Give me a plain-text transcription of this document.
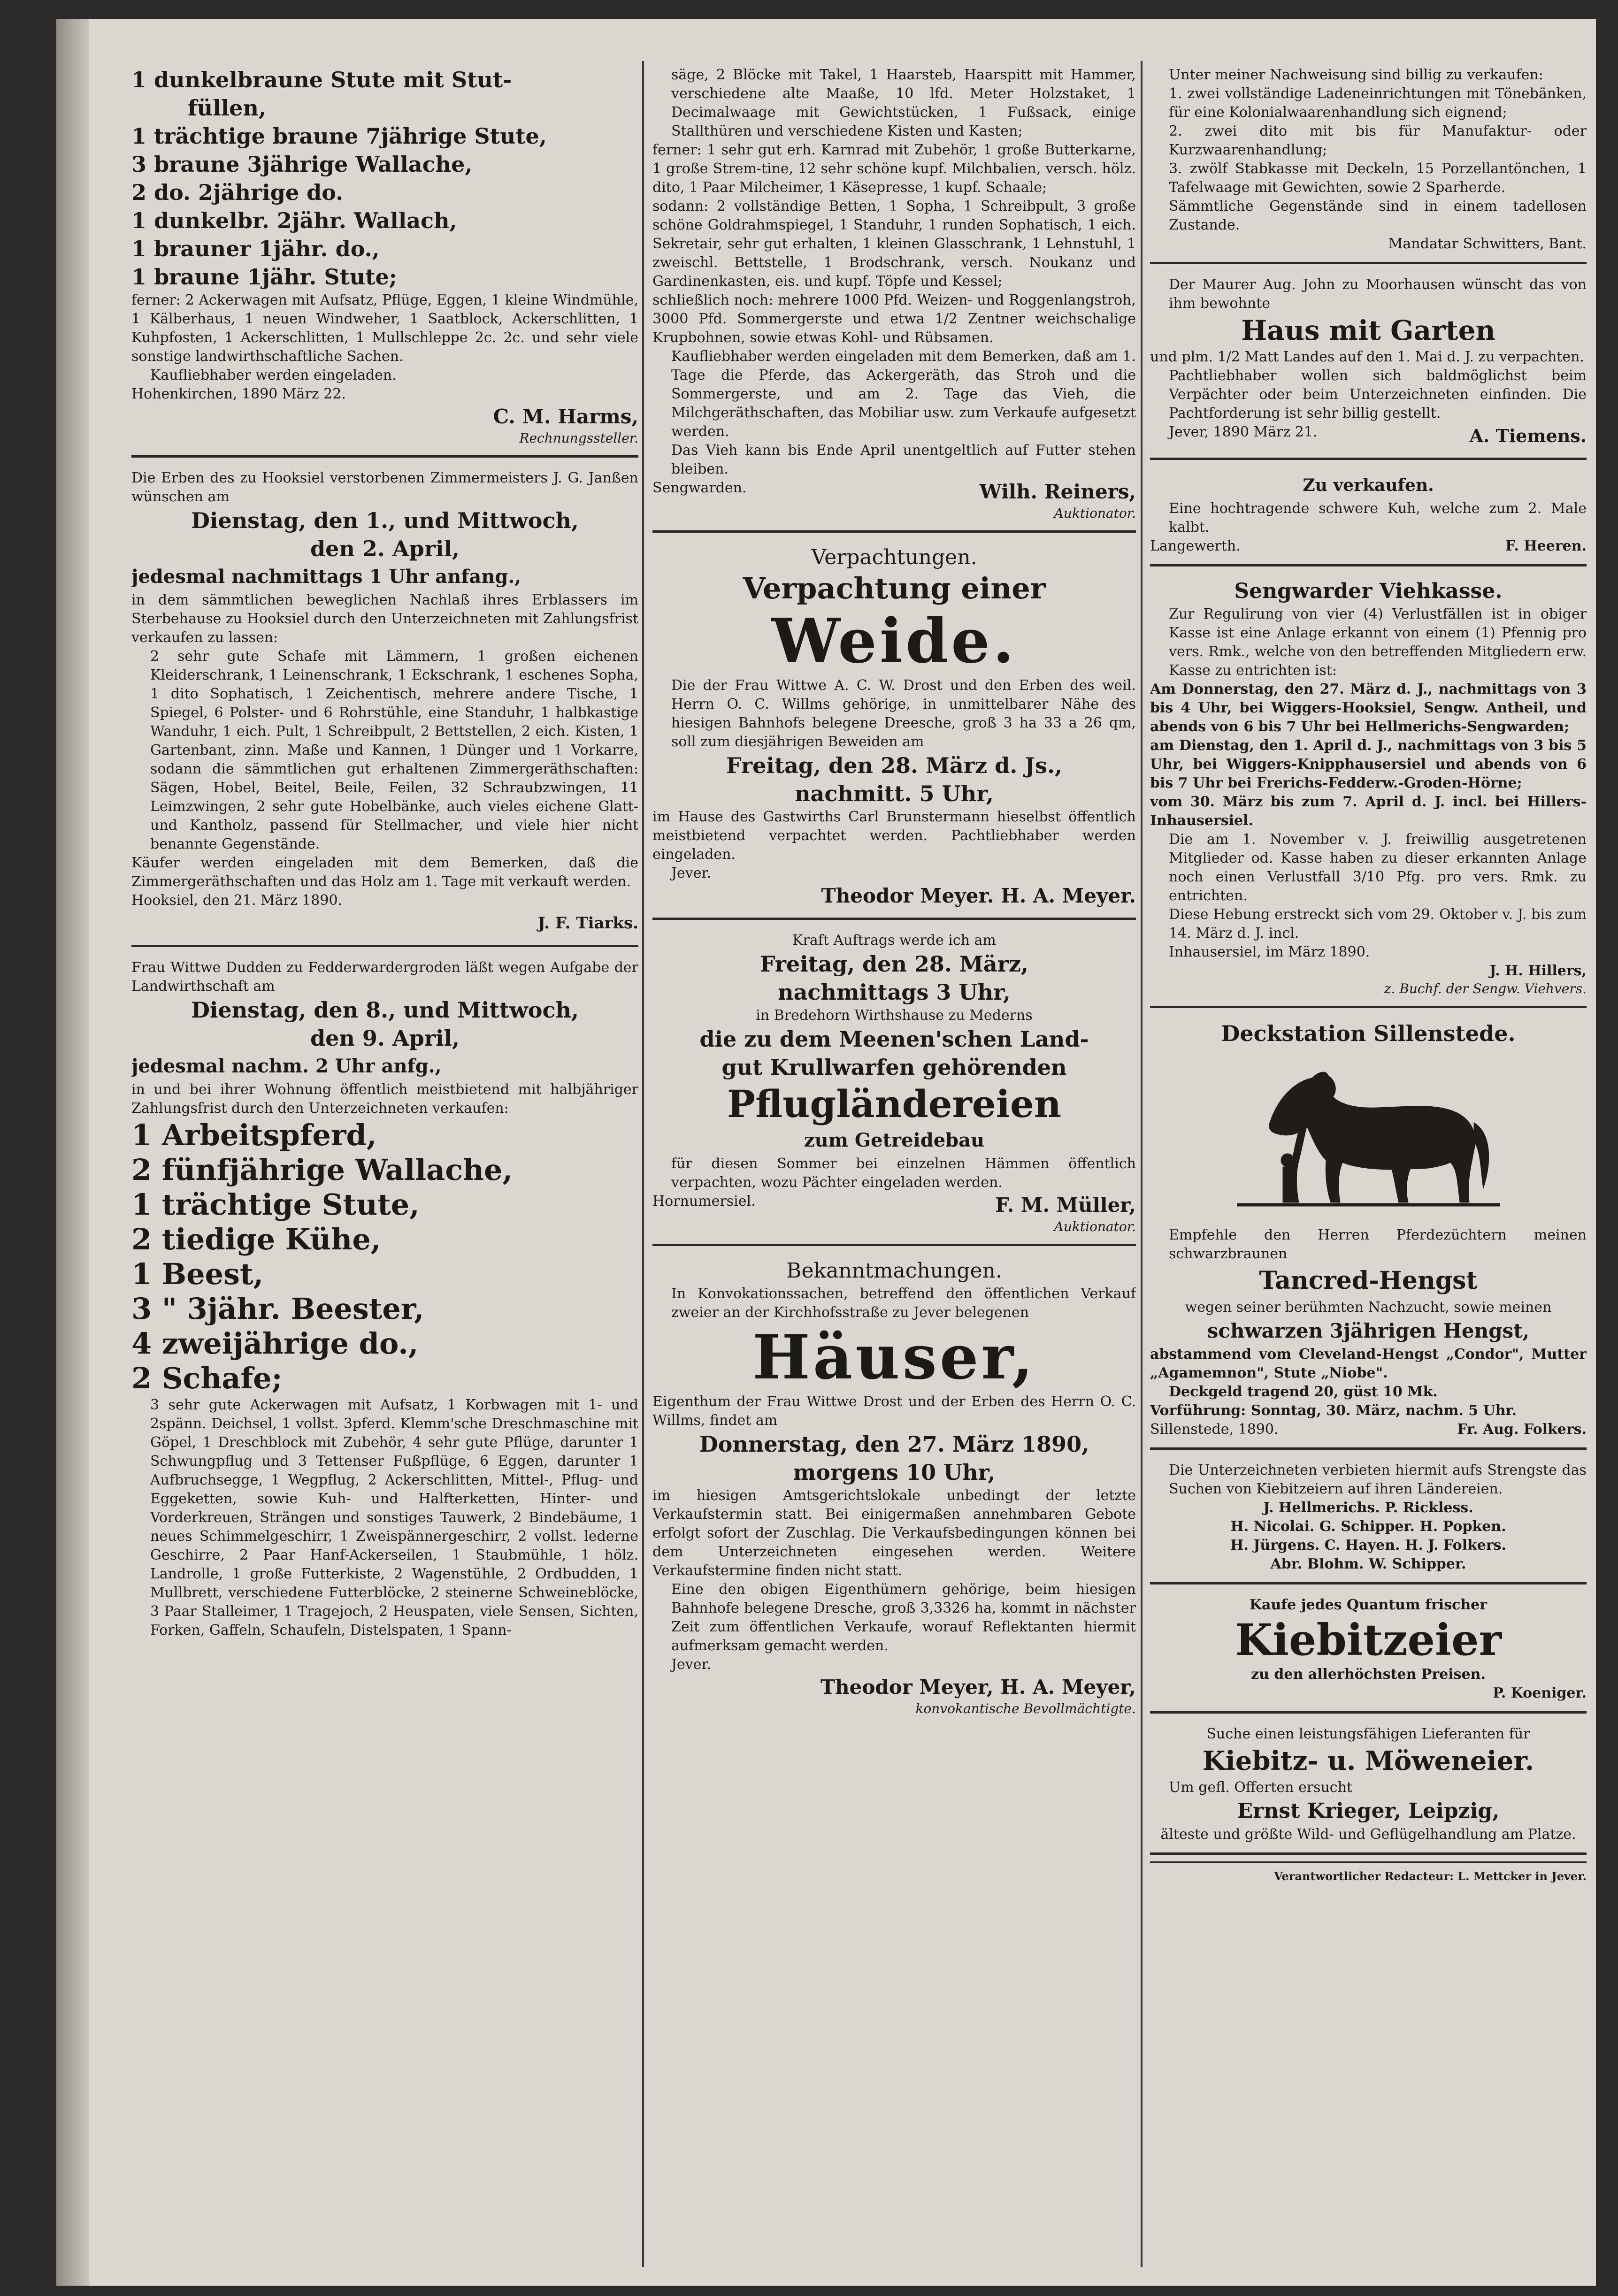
1 dunkelbraune Stute mit Stut-

füllen,

1 trächtige braune 7jährige Stute,

3 braune 3jährige Wallache,

2 do. 2jährige do.

1 dunkelbr. 2jähr. Wallach,

1 brauner 1jähr. do.,

1 braune 1jähr. Stute;

ferner: 2 Ackerwagen mit Aufsatz, Pflüge, Eggen, 1 kleine Windmühle, 1 Kälberhaus, 1 neuen Windweher, 1 Saatblock, Ackerschlitten, 1 Kuhpfosten, 1 Ackerschlitten, 1 Mullschleppe 2c. 2c. und sehr viele sonstige landwirthschaftliche Sachen.

Kaufliebhaber werden eingeladen.

Hohenkirchen, 1890 März 22.

C. M. Harms,

Rechnungssteller.

Die Erben des zu Hooksiel verstorbenen Zimmermeisters J. G. Janßen wünschen am

Dienstag, den 1., und Mittwoch,

den 2. April,

jedesmal nachmittags 1 Uhr anfang.,

in dem sämmtlichen beweglichen Nachlaß ihres Erblassers im Sterbehause zu Hooksiel durch den Unterzeichneten mit Zahlungsfrist verkaufen zu lassen:

2 sehr gute Schafe mit Lämmern, 1 großen eichenen Kleiderschrank, 1 Leinenschrank, 1 Eckschrank, 1 eschenes Sopha, 1 dito Sophatisch, 1 Zeichentisch, mehrere andere Tische, 1 Spiegel, 6 Polster- und 6 Rohrstühle, eine Standuhr, 1 halbkastige Wanduhr, 1 eich. Pult, 1 Schreibpult, 2 Bettstellen, 2 eich. Kisten, 1 Gartenbant, zinn. Maße und Kannen, 1 Dünger und 1 Vorkarre, sodann die sämmtlichen gut erhaltenen Zimmergeräthschaften: Sägen, Hobel, Beitel, Beile, Feilen, 32 Schraubzwingen, 11 Leimzwingen, 2 sehr gute Hobelbänke, auch vieles eichene Glatt- und Kantholz, passend für Stellmacher, und viele hier nicht benannte Gegenstände.

Käufer werden eingeladen mit dem Bemerken, daß die Zimmergeräthschaften und das Holz am 1. Tage mit verkauft werden.

Hooksiel, den 21. März 1890.

J. F. Tiarks.

Frau Wittwe Dudden zu Fedderwardergroden läßt wegen Aufgabe der Landwirthschaft am

Dienstag, den 8., und Mittwoch,

den 9. April,

jedesmal nachm. 2 Uhr anfg.,

in und bei ihrer Wohnung öffentlich meistbietend mit halbjähriger Zahlungsfrist durch den Unterzeichneten verkaufen:

1 Arbeitspferd,

2 fünfjährige Wallache,

1 trächtige Stute,

2 tiedige Kühe,

1 Beest,

3 " 3jähr. Beester,

4 zweijährige do.,

2 Schafe;

3 sehr gute Ackerwagen mit Aufsatz, 1 Korbwagen mit 1- und 2spänn. Deichsel, 1 vollst. 3pferd. Klemm'sche Dreschmaschine mit Göpel, 1 Dreschblock mit Zubehör, 4 sehr gute Pflüge, darunter 1 Schwungpflug und 3 Tettenser Fußpflüge, 6 Eggen, darunter 1 Aufbruchsegge, 1 Wegpflug, 2 Ackerschlitten, Mittel-, Pflug- und Eggeketten, sowie Kuh- und Halfterketten, Hinter- und Vorderkreuen, Strängen und sonstiges Tauwerk, 2 Bindebäume, 1 neues Schimmelgeschirr, 1 Zweispännergeschirr, 2 vollst. lederne Geschirre, 2 Paar Hanf-Ackerseilen, 1 Staubmühle, 1 hölz. Landrolle, 1 große Futterkiste, 2 Wagenstühle, 2 Ordbudden, 1 Mullbrett, verschiedene Futterblöcke, 2 steinerne Schweineblöcke, 3 Paar Stalleimer, 1 Tragejoch, 2 Heuspaten, viele Sensen, Sichten, Forken, Gaffeln, Schaufeln, Distelspaten, 1 Spann-

säge, 2 Blöcke mit Takel, 1 Haarsteb, Haarspitt mit Hammer, verschiedene alte Maaße, 10 lfd. Meter Holzstaket, 1 Decimalwaage mit Gewichtstücken, 1 Fußsack, einige Stallthüren und verschiedene Kisten und Kasten;

ferner: 1 sehr gut erh. Karnrad mit Zubehör, 1 große Butterkarne, 1 große Strem-tine, 12 sehr schöne kupf. Milchbalien, versch. hölz. dito, 1 Paar Milcheimer, 1 Käsepresse, 1 kupf. Schaale;

sodann: 2 vollständige Betten, 1 Sopha, 1 Schreibpult, 3 große schöne Goldrahmspiegel, 1 Standuhr, 1 runden Sophatisch, 1 eich. Sekretair, sehr gut erhalten, 1 kleinen Glasschrank, 1 Lehnstuhl, 1 zweischl. Bettstelle, 1 Brodschrank, versch. Noukanz und Gardinenkasten, eis. und kupf. Töpfe und Kessel;

schließlich noch: mehrere 1000 Pfd. Weizen- und Roggenlangstroh, 3000 Pfd. Sommergerste und etwa 1/2 Zentner weichschalige Krupbohnen, sowie etwas Kohl- und Rübsamen.

Kaufliebhaber werden eingeladen mit dem Bemerken, daß am 1. Tage die Pferde, das Ackergeräth, das Stroh und die Sommergerste, und am 2. Tage das Vieh, die Milchgeräthschaften, das Mobiliar usw. zum Verkaufe aufgesetzt werden.

Das Vieh kann bis Ende April unentgeltlich auf Futter stehen bleiben.

Sengwarden.	Wilh. Reiners,

Auktionator.

Verpachtungen.

Verpachtung einer

Weide.

Die der Frau Wittwe A. C. W. Drost und den Erben des weil. Herrn O. C. Willms gehörige, in unmittelbarer Nähe des hiesigen Bahnhofs belegene Dreesche, groß 3 ha 33 a 26 qm, soll zum diesjährigen Beweiden am

Freitag, den 28. März d. Js.,

nachmitt. 5 Uhr,

im Hause des Gastwirths Carl Brunstermann hieselbst öffentlich meistbietend verpachtet werden. Pachtliebhaber werden eingeladen.

Jever.

Theodor Meyer. H. A. Meyer.

Kraft Auftrags werde ich am

Freitag, den 28. März,

nachmittags 3 Uhr,

in Bredehorn Wirthshause zu Mederns

die zu dem Meenen'schen Land-

gut Krullwarfen gehörenden

Pflugländereien

zum Getreidebau

für diesen Sommer bei einzelnen Hämmen öffentlich verpachten, wozu Pächter eingeladen werden.

Hornumersiel.	F. M. Müller,

Auktionator.

Bekanntmachungen.

In Konvokationssachen, betreffend den öffentlichen Verkauf zweier an der Kirchhofsstraße zu Jever belegenen

Häuser,

Eigenthum der Frau Wittwe Drost und der Erben des Herrn O. C. Willms, findet am

Donnerstag, den 27. März 1890,

morgens 10 Uhr,

im hiesigen Amtsgerichtslokale unbedingt der letzte Verkaufstermin statt. Bei einigermaßen annehmbaren Gebote erfolgt sofort der Zuschlag. Die Verkaufsbedingungen können bei dem Unterzeichneten eingesehen werden. Weitere Verkaufstermine finden nicht statt.

Eine den obigen Eigenthümern gehörige, beim hiesigen Bahnhofe belegene Dresche, groß 3,3326 ha, kommt in nächster Zeit zum öffentlichen Verkaufe, worauf Reflektanten hiermit aufmerksam gemacht werden.

Jever.

Theodor Meyer, H. A. Meyer,

konvokantische Bevollmächtigte.

Unter meiner Nachweisung sind billig zu verkaufen:

1. zwei vollständige Ladeneinrichtungen mit Tönebänken, für eine Kolonialwaarenhandlung sich eignend;

2. zwei dito mit bis für Manufaktur- oder Kurzwaarenhandlung;

3. zwölf Stabkasse mit Deckeln, 15 Porzellantönchen, 1 Tafelwaage mit Gewichten, sowie 2 Sparherde.

Sämmtliche Gegenstände sind in einem tadellosen Zustande.

Mandatar Schwitters, Bant.

Der Maurer Aug. John zu Moorhausen wünscht das von ihm bewohnte

Haus mit Garten

und plm. 1/2 Matt Landes auf den 1. Mai d. J. zu verpachten.

Pachtliebhaber wollen sich baldmöglichst beim Verpächter oder beim Unterzeichneten einfinden. Die Pachtforderung ist sehr billig gestellt.

Jever, 1890 März 21.	A. Tiemens.

Zu verkaufen.

Eine hochtragende schwere Kuh, welche zum 2. Male kalbt.

Langewerth.	F. Heeren.

Sengwarder Viehkasse.

Zur Regulirung von vier (4) Verlustfällen ist in obiger Kasse ist eine Anlage erkannt von einem (1) Pfennig pro vers. Rmk., welche von den betreffenden Mitgliedern erw. Kasse zu entrichten ist:

Am Donnerstag, den 27. März d. J., nachmittags von 3 bis 4 Uhr, bei Wiggers-Hooksiel, Sengw. Antheil, und abends von 6 bis 7 Uhr bei Hellmerichs-Sengwarden;

am Dienstag, den 1. April d. J., nachmittags von 3 bis 5 Uhr, bei Wiggers-Knipphausersiel und abends von 6 bis 7 Uhr bei Frerichs-Fedderw.-Groden-Hörne;

vom 30. März bis zum 7. April d. J. incl. bei Hillers-Inhausersiel.

Die am 1. November v. J. freiwillig ausgetretenen Mitglieder od. Kasse haben zu dieser erkannten Anlage noch einen Verlustfall 3/10 Pfg. pro vers. Rmk. zu entrichten.

Diese Hebung erstreckt sich vom 29. Oktober v. J. bis zum 14. März d. J. incl.

Inhausersiel, im März 1890.

J. H. Hillers,

z. Buchf. der Sengw. Viehvers.

Deckstation Sillenstede.

Empfehle den Herren Pferdezüchtern meinen schwarzbraunen

Tancred-Hengst

wegen seiner berühmten Nachzucht, sowie meinen

schwarzen 3jährigen Hengst,

abstammend vom Cleveland-Hengst „Condor", Mutter „Agamemnon", Stute „Niobe".

Deckgeld tragend 20, güst 10 Mk.

Vorführung: Sonntag, 30. März, nachm. 5 Uhr.

Sillenstede, 1890.	Fr. Aug. Folkers.

Die Unterzeichneten verbieten hiermit aufs Strengste das Suchen von Kiebitzeiern auf ihren Ländereien.

J. Hellmerichs. P. Rickless.

H. Nicolai. G. Schipper. H. Popken.

H. Jürgens. C. Hayen. H. J. Folkers.

Abr. Blohm. W. Schipper.

Kaufe jedes Quantum frischer

Kiebitzeier

zu den allerhöchsten Preisen.

P. Koeniger.

Suche einen leistungsfähigen Lieferanten für

Kiebitz- u. Möweneier.

Um gefl. Offerten ersucht

Ernst Krieger, Leipzig,

älteste und größte Wild- und Geflügelhandlung am Platze.

Verantwortlicher Redacteur: L. Mettcker in Jever.
